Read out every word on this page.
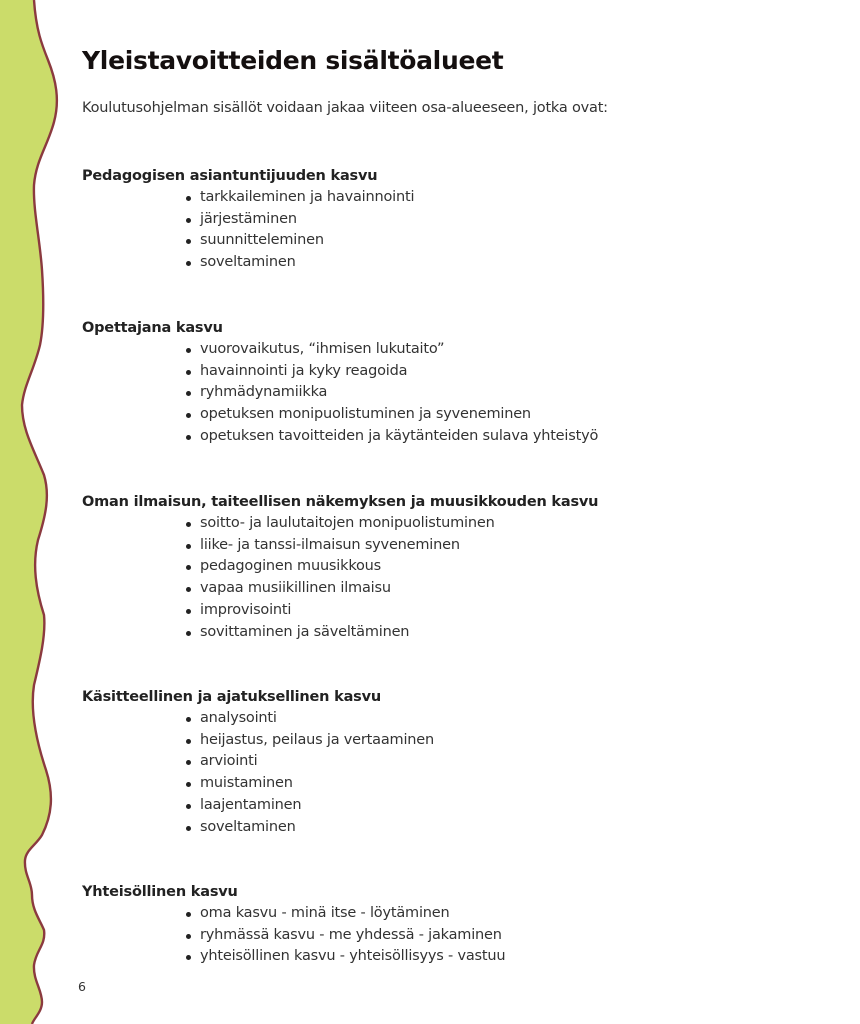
Yleistavoitteiden sisältöalueet

Koulutusohjelman sisällöt voidaan jakaa viiteen osa-alueeseen, jotka ovat:

Pedagogisen asiantuntijuuden kasvu
tarkkaileminen ja havainnointi
järjestäminen
suunnitteleminen
soveltaminen
Opettajana kasvu
vuorovaikutus, “ihmisen lukutaito”
havainnointi ja kyky reagoida
ryhmädynamiikka
opetuksen monipuolistuminen ja syveneminen
opetuksen tavoitteiden ja käytänteiden sulava yhteistyö
Oman ilmaisun, taiteellisen näkemyksen ja muusikkouden kasvu
soitto- ja laulutaitojen monipuolistuminen
liike- ja tanssi-ilmaisun syveneminen
pedagoginen muusikkous
vapaa musiikillinen ilmaisu
improvisointi
sovittaminen ja säveltäminen
Käsitteellinen ja ajatuksellinen kasvu
analysointi
heijastus, peilaus ja vertaaminen
arviointi
muistaminen
laajentaminen
soveltaminen
Yhteisöllinen kasvu
oma kasvu - minä itse - löytäminen
ryhmässä kasvu - me yhdessä - jakaminen
yhteisöllinen kasvu - yhteisöllisyys - vastuu
6
